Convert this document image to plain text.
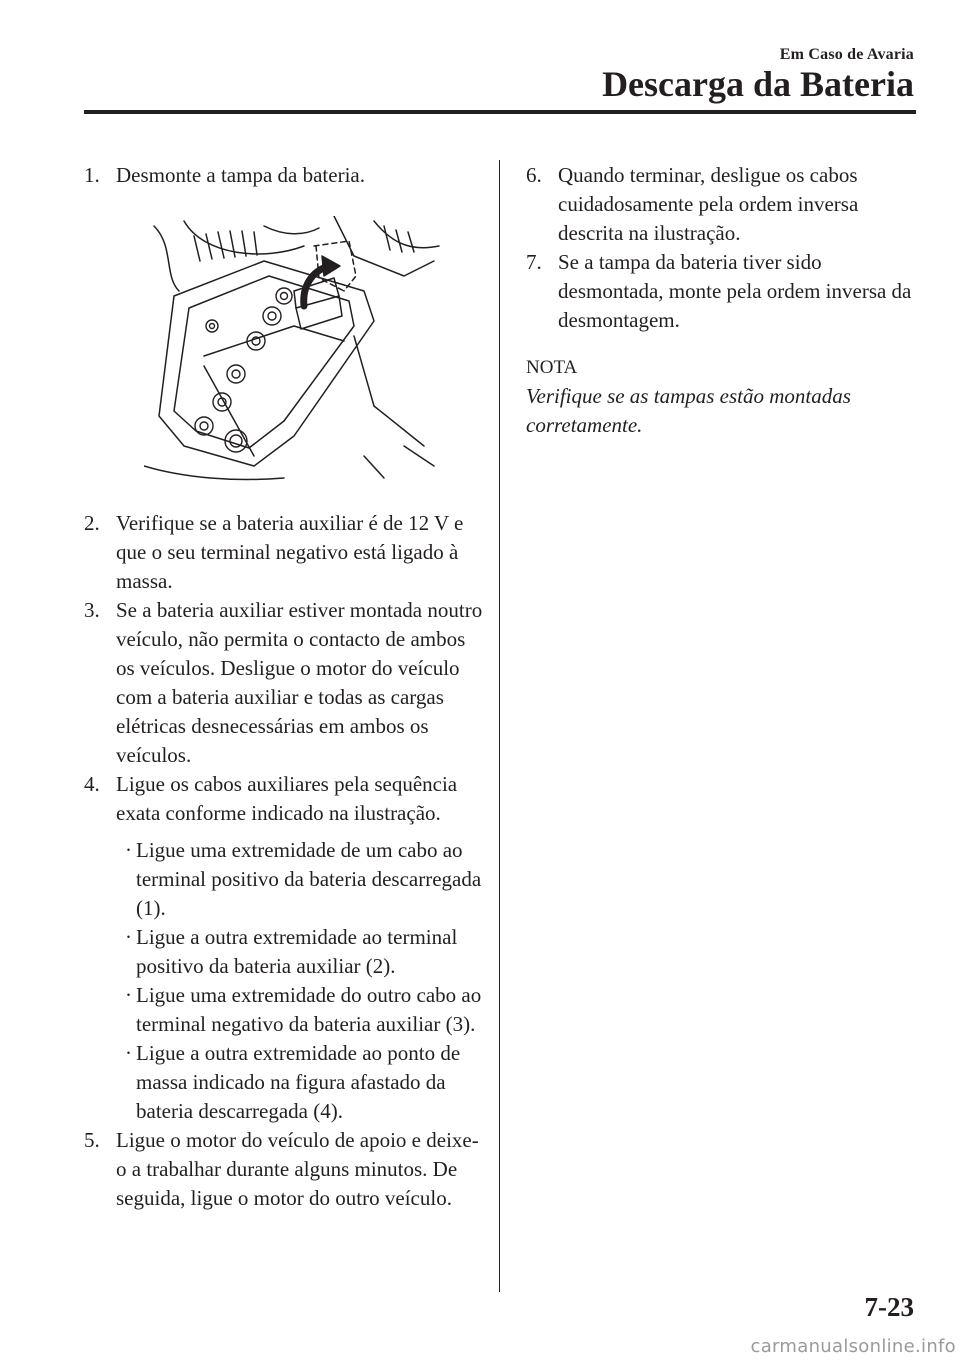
Em Caso de Avaria
Descarga da Bateria
1. Desmonte a tampa da bateria.
2. Verifique se a bateria auxiliar é de 12 V e que o seu terminal negativo está ligado à massa.
3. Se a bateria auxiliar estiver montada noutro veículo, não permita o contacto de ambos os veículos. Desligue o motor do veículo com a bateria auxiliar e todas as cargas elétricas desnecessárias em ambos os veículos.
4. Ligue os cabos auxiliares pela sequência exata conforme indicado na ilustração.
· Ligue uma extremidade de um cabo ao terminal positivo da bateria descarregada (1).
· Ligue a outra extremidade ao terminal positivo da bateria auxiliar (2).
· Ligue uma extremidade do outro cabo ao terminal negativo da bateria auxiliar (3).
· Ligue a outra extremidade ao ponto de massa indicado na figura afastado da bateria descarregada (4).
5. Ligue o motor do veículo de apoio e deixe-o a trabalhar durante alguns minutos. De seguida, ligue o motor do outro veículo.
6. Quando terminar, desligue os cabos cuidadosamente pela ordem inversa descrita na ilustração.
7. Se a tampa da bateria tiver sido desmontada, monte pela ordem inversa da desmontagem.
NOTA
Verifique se as tampas estão montadas corretamente.
7-23
carmanualsonline.info
